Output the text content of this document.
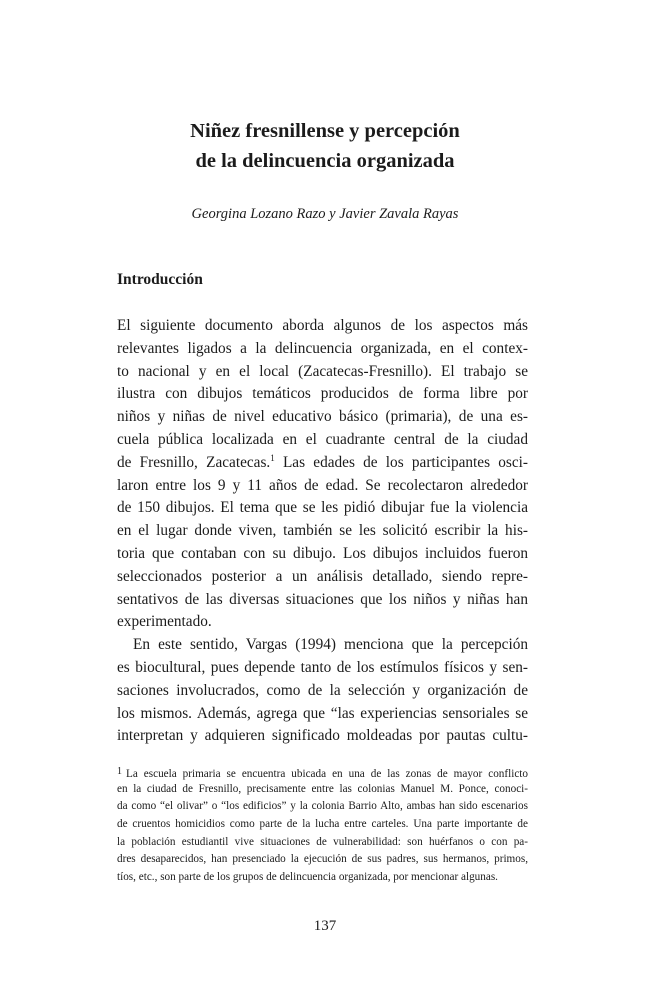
Niñez fresnillense y percepción
de la delincuencia organizada
Georgina Lozano Razo y Javier Zavala Rayas
Introducción
El siguiente documento aborda algunos de los aspectos más
relevantes ligados a la delincuencia organizada, en el contex-
to nacional y en el local (Zacatecas-Fresnillo). El trabajo se
ilustra con dibujos temáticos producidos de forma libre por
niños y niñas de nivel educativo básico (primaria), de una es-
cuela pública localizada en el cuadrante central de la ciudad
de Fresnillo, Zacatecas.$^1$ Las edades de los participantes osci-
laron entre los 9 y 11 años de edad. Se recolectaron alrededor
de 150 dibujos. El tema que se les pidió dibujar fue la violencia
en el lugar donde viven, también se les solicitó escribir la his-
toria que contaban con su dibujo. Los dibujos incluidos fueron
seleccionados posterior a un análisis detallado, siendo repre-
sentativos de las diversas situaciones que los niños y niñas han
experimentado.
En este sentido, Vargas (1994) menciona que la percepción
es biocultural, pues depende tanto de los estímulos físicos y sen-
saciones involucrados, como de la selección y organización de
los mismos. Además, agrega que “las experiencias sensoriales se
interpretan y adquieren significado moldeadas por pautas cultu-
1 La escuela primaria se encuentra ubicada en una de las zonas de mayor conflicto
en la ciudad de Fresnillo, precisamente entre las colonias Manuel M. Ponce, conoci-
da como “el olivar” o “los edificios” y la colonia Barrio Alto, ambas han sido escenarios
de cruentos homicidios como parte de la lucha entre carteles. Una parte importante de
la población estudiantil vive situaciones de vulnerabilidad: son huérfanos o con pa-
dres desaparecidos, han presenciado la ejecución de sus padres, sus hermanos, primos,
tíos, etc., son parte de los grupos de delincuencia organizada, por mencionar algunas.
137
